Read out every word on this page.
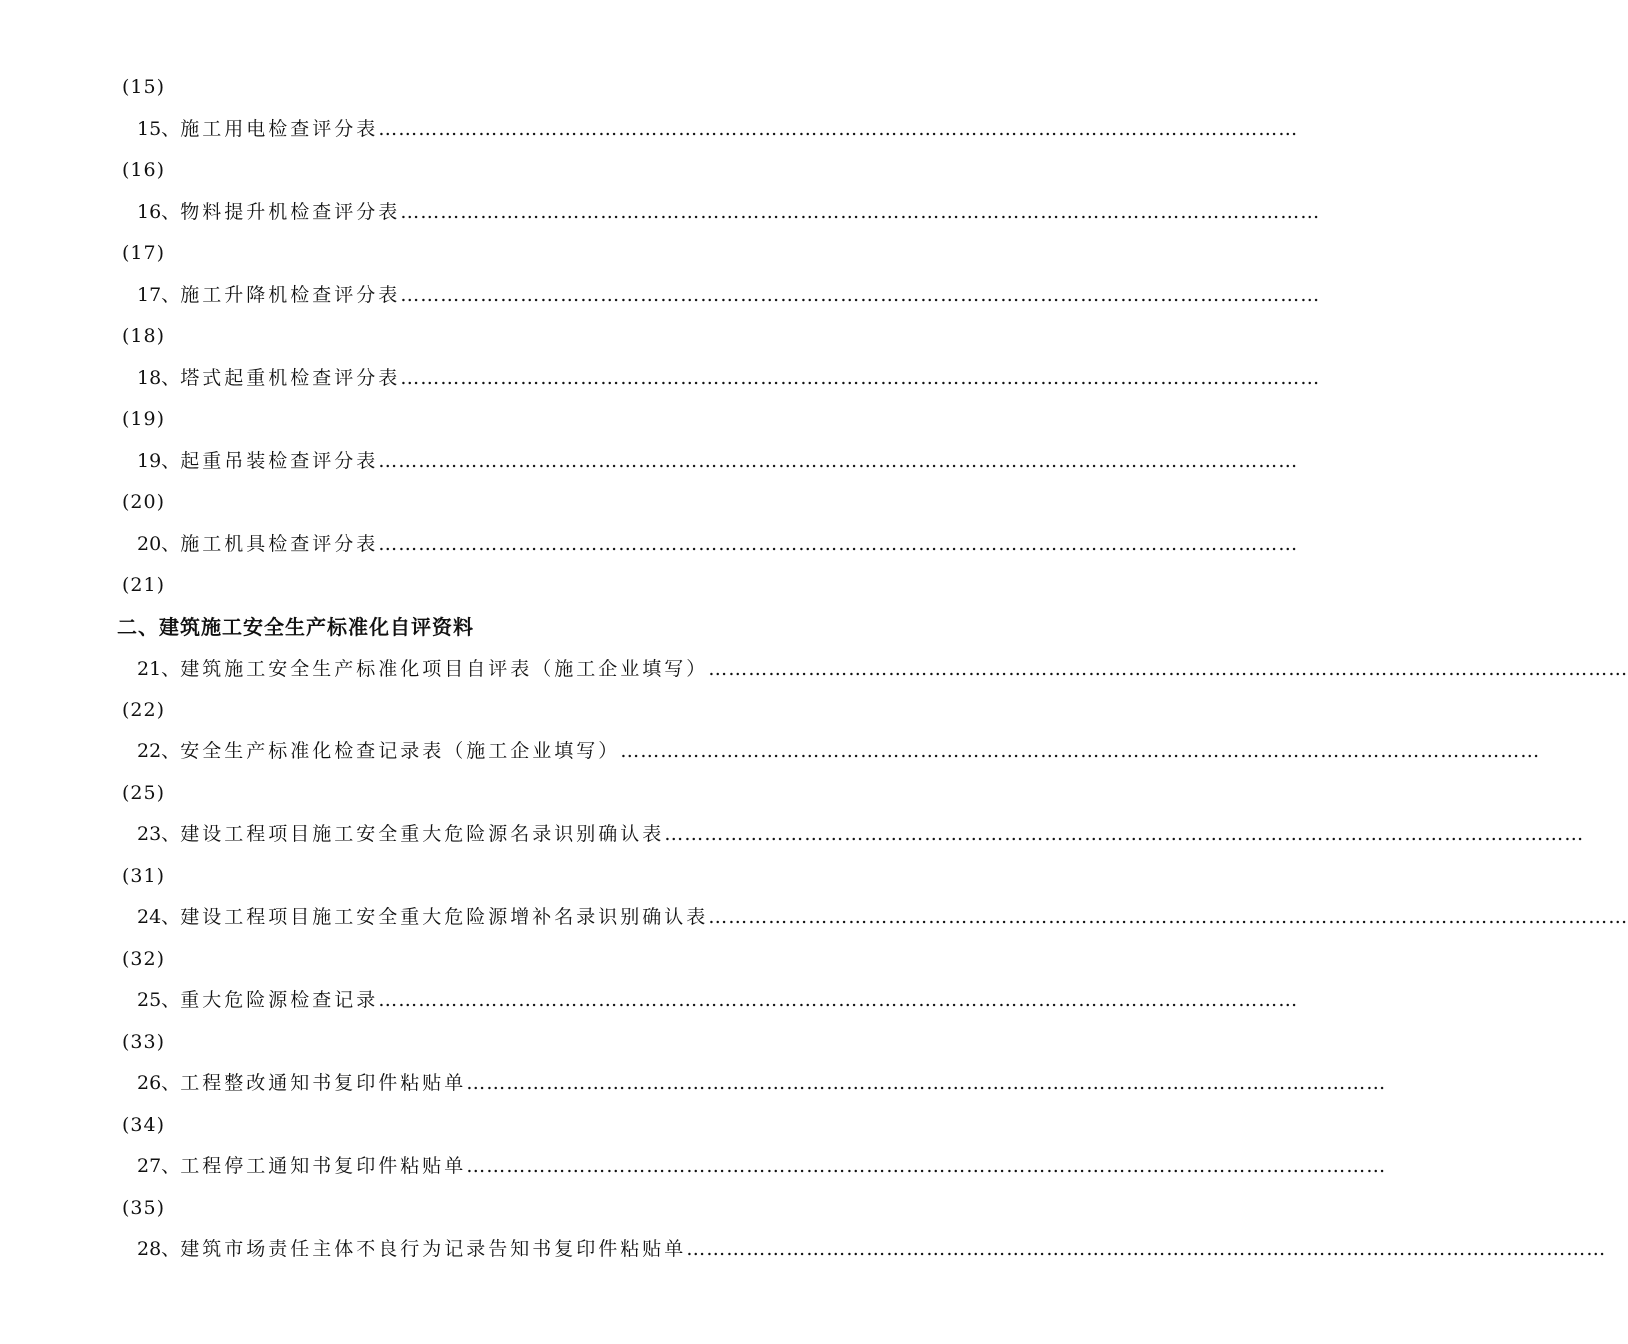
(15)
15、 施工用电检查评分表 …………………………………………………………………………………………………………………………
(16)
16、 物料提升机检查评分表 …………………………………………………………………………………………………………………………
(17)
17、 施工升降机检查评分表 …………………………………………………………………………………………………………………………
(18)
18、 塔式起重机检查评分表 …………………………………………………………………………………………………………………………
(19)
19、 起重吊装检查评分表 …………………………………………………………………………………………………………………………
(20)
20、 施工机具检查评分表 …………………………………………………………………………………………………………………………
(21)
二、建筑施工安全生产标准化自评资料
21、 建筑施工安全生产标准化项目自评表（施工企业填写） …………………………………………………………………………………………………………………………
(22)
22、 安全生产标准化检查记录表（施工企业填写） …………………………………………………………………………………………………………………………
(25)
23、 建设工程项目施工安全重大危险源名录识别确认表 …………………………………………………………………………………………………………………………
(31)
24、 建设工程项目施工安全重大危险源增补名录识别确认表 …………………………………………………………………………………………………………………………
(32)
25、 重大危险源检查记录 …………………………………………………………………………………………………………………………
(33)
26、 工程整改通知书复印件粘贴单 …………………………………………………………………………………………………………………………
(34)
27、 工程停工通知书复印件粘贴单 …………………………………………………………………………………………………………………………
(35)
28、 建筑市场责任主体不良行为记录告知书复印件粘贴单 …………………………………………………………………………………………………………………………
